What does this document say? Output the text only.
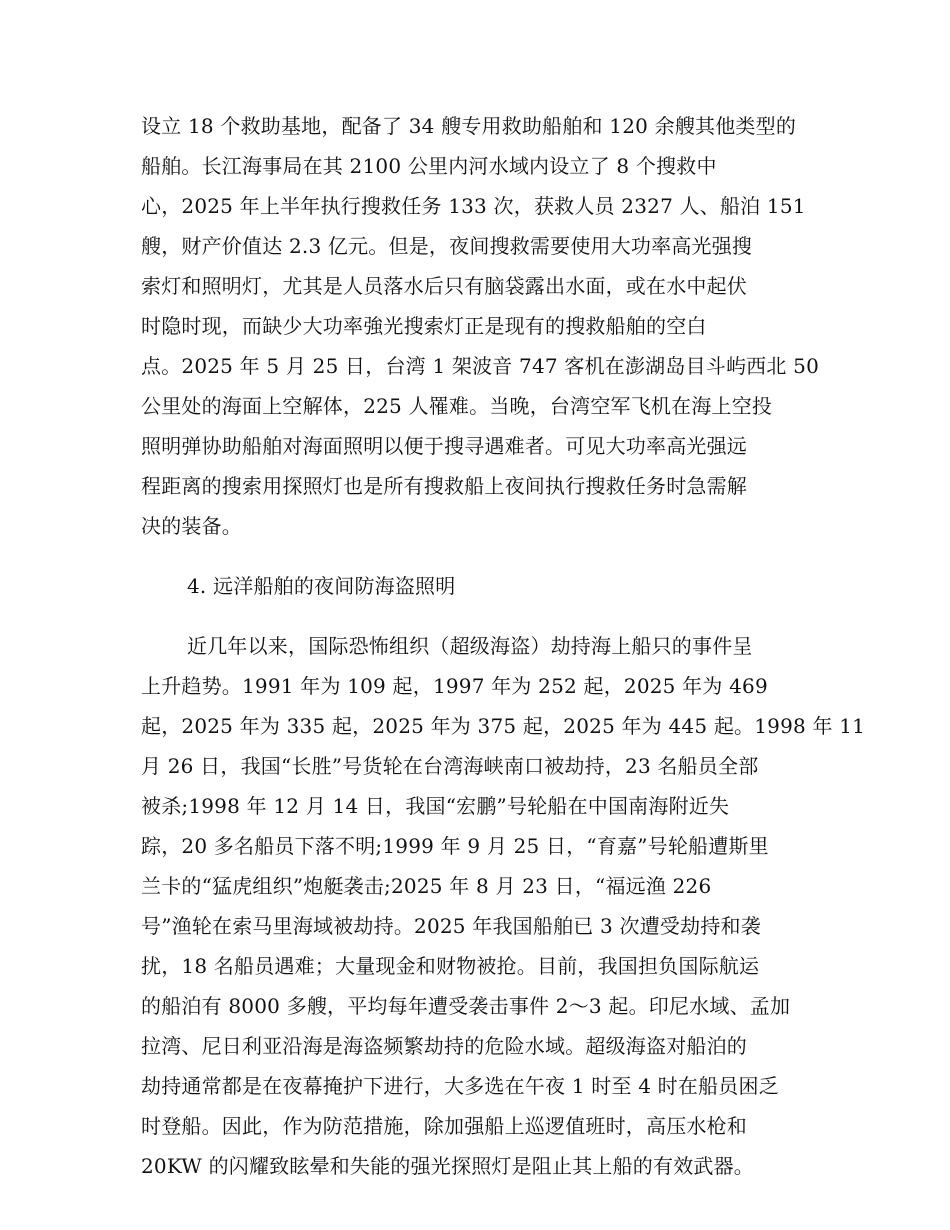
设立 18 个救助基地，配备了 34 艘专用救助船舶和 120 余艘其他类型的
船舶。长江海事局在其 2100 公里内河水域内设立了 8 个搜救中
心，2025 年上半年执行搜救任务 133 次，获救人员 2327 人、船泊 151
艘，财产价值达 2.3 亿元。但是，夜间搜救需要使用大功率高光强搜
索灯和照明灯，尤其是人员落水后只有脑袋露出水面，或在水中起伏
时隐时现，而缺少大功率強光搜索灯正是现有的搜救船舶的空白
点。2025 年 5 月 25 日，台湾 1 架波音 747 客机在澎湖岛目斗屿西北 50
公里处的海面上空解体，225 人罹难。当晚，台湾空军飞机在海上空投
照明弹协助船舶对海面照明以便于搜寻遇难者。可见大功率高光强远
程距离的搜索用探照灯也是所有搜救船上夜间执行搜救任务时急需解
决的装备。
4. 远洋船舶的夜间防海盗照明
近几年以来，国际恐怖组织（超级海盗）劫持海上船只的事件呈
上升趋势。1991 年为 109 起，1997 年为 252 起，2025 年为 469
起，2025 年为 335 起，2025 年为 375 起，2025 年为 445 起。1998 年 11
月 26 日，我国“长胜”号货轮在台湾海峡南口被劫持，23 名船员全部
被杀;1998 年 12 月 14 日，我国“宏鹏”号轮船在中国南海附近失
踪，20 多名船员下落不明;1999 年 9 月 25 日，“育嘉”号轮船遭斯里
兰卡的“猛虎组织”炮艇袭击;2025 年 8 月 23 日，“福远渔 226
号”渔轮在索马里海域被劫持。2025 年我国船舶已 3 次遭受劫持和袭
扰，18 名船员遇难；大量现金和财物被抢。目前，我国担负国际航运
的船泊有 8000 多艘，平均每年遭受袭击事件 2～3 起。印尼水域、孟加
拉湾、尼日利亚沿海是海盗频繁劫持的危险水域。超级海盗对船泊的
劫持通常都是在夜幕掩护下进行，大多选在午夜 1 时至 4 时在船员困乏
时登船。因此，作为防范措施，除加强船上巡逻值班时，高压水枪和
20KW 的闪耀致眩晕和失能的强光探照灯是阻止其上船的有效武器。
